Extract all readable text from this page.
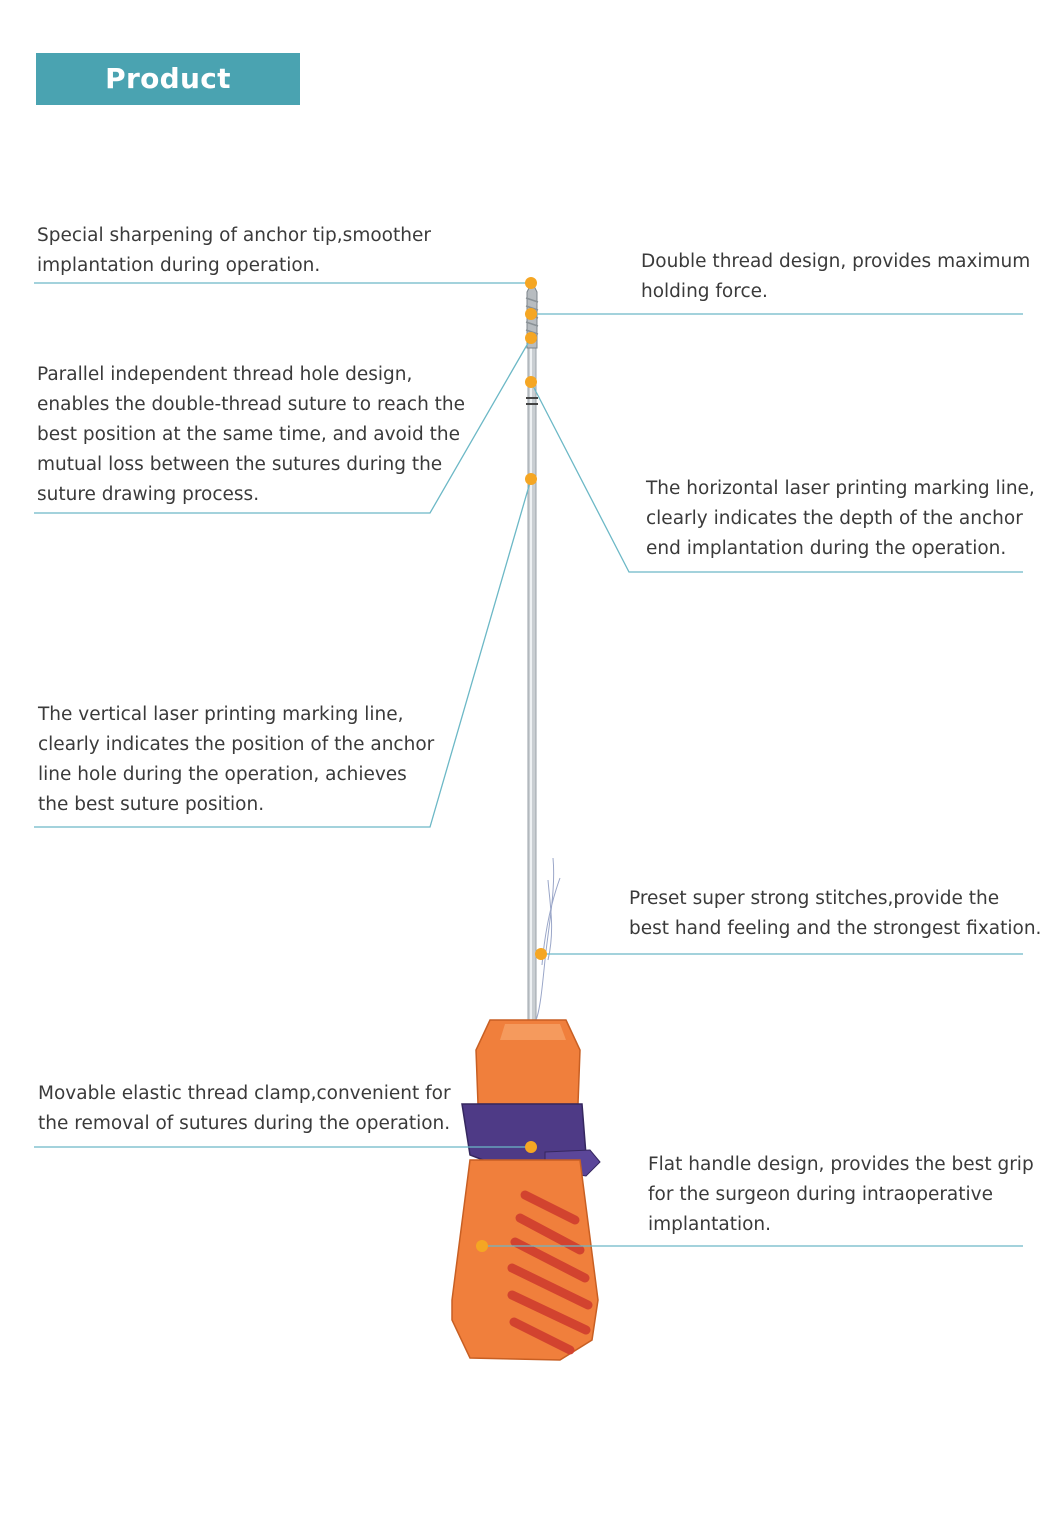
Product Features

Special sharpening of anchor tip,smoother
implantation during operation.	Double thread design, provides maximum
holding force.

Parallel independent thread hole design,
enables the double-thread suture to reach the
best position at the same time, and avoid the
mutual loss between the sutures during the
suture drawing process.	The horizontal laser printing marking line,
clearly indicates the depth of the anchor
end implantation during the operation.

The vertical laser printing marking line,
clearly indicates the position of the anchor
line hole during the operation, achieves
the best suture position.

Preset super strong stitches,provide the
best hand feeling and the strongest fixation.

Movable elastic thread clamp,convenient for
the removal of sutures during the operation.

Flat handle design, provides the best grip
for the surgeon during intraoperative
implantation.
